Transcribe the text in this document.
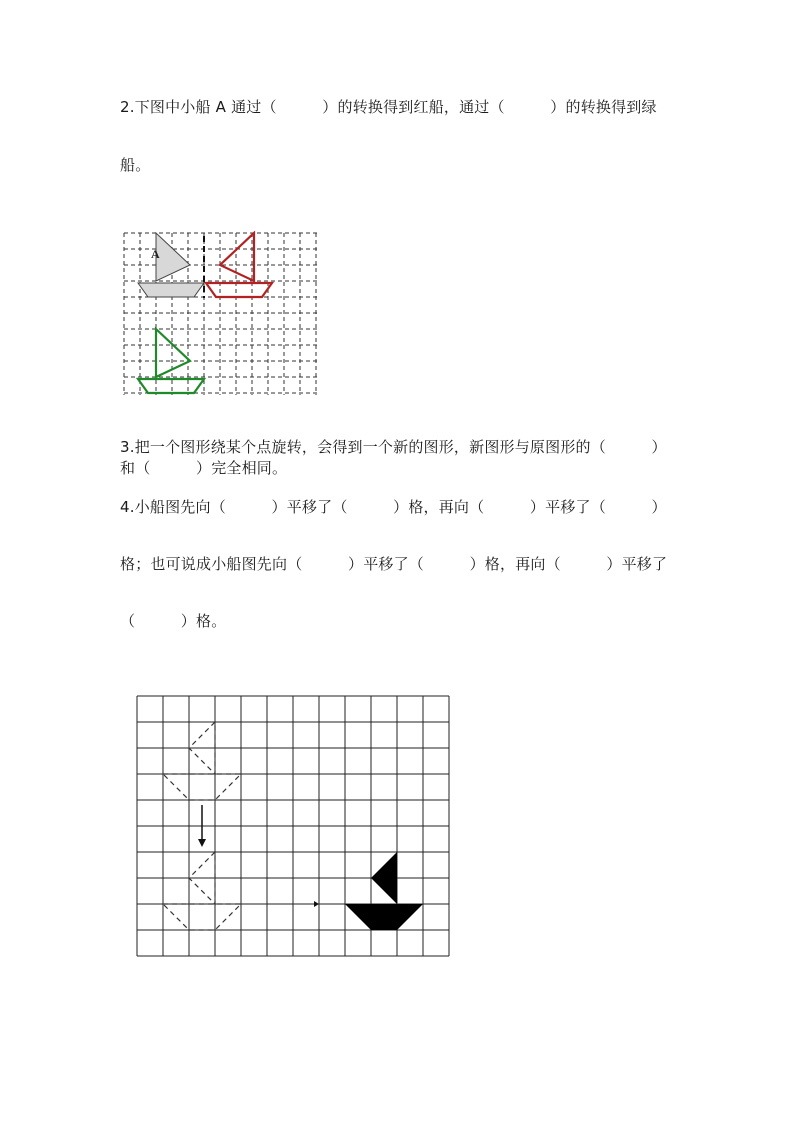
2.下图中小船 A 通过（　　　）的转换得到红船，通过（　　　）的转换得到绿
船。
A
3.把一个图形绕某个点旋转，会得到一个新的图形，新图形与原图形的（　　　）
和（　　　）完全相同。
4.小船图先向（　　　）平移了（　　　）格，再向（　　　）平移了（　　　）
格；也可说成小船图先向（　　　）平移了（　　　）格，再向（　　　）平移了
（　　　）格。
